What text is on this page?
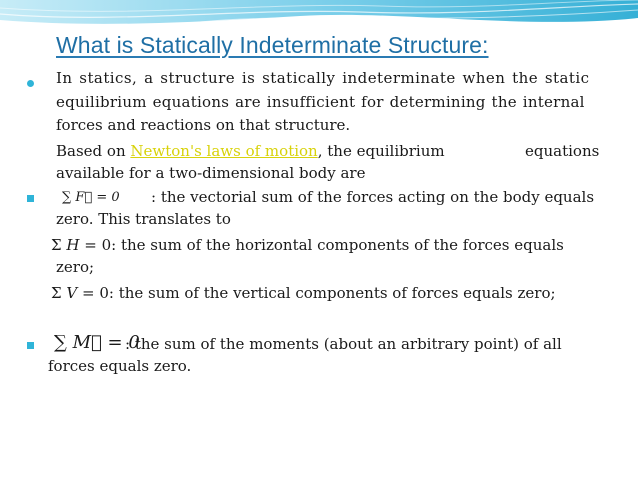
What is Statically Indeterminate Structure:
In statics, a structure is statically indeterminate when the static
equilibrium equations are insufficient for determining the internal
forces and reactions on that structure.
Based on Newton's laws of motion, the equilibrium	equations
available for a two-dimensional body are
∑ F⃗ = 0 : the vectorial sum of the forces acting on the body equals
zero. This translates to
Σ H = 0: the sum of the horizontal components of the forces equals
zero;
Σ V = 0: the sum of the vertical components of forces equals zero;
∑ M⃗ = 0
: the sum of the moments (about an arbitrary point) of all
forces equals zero.
